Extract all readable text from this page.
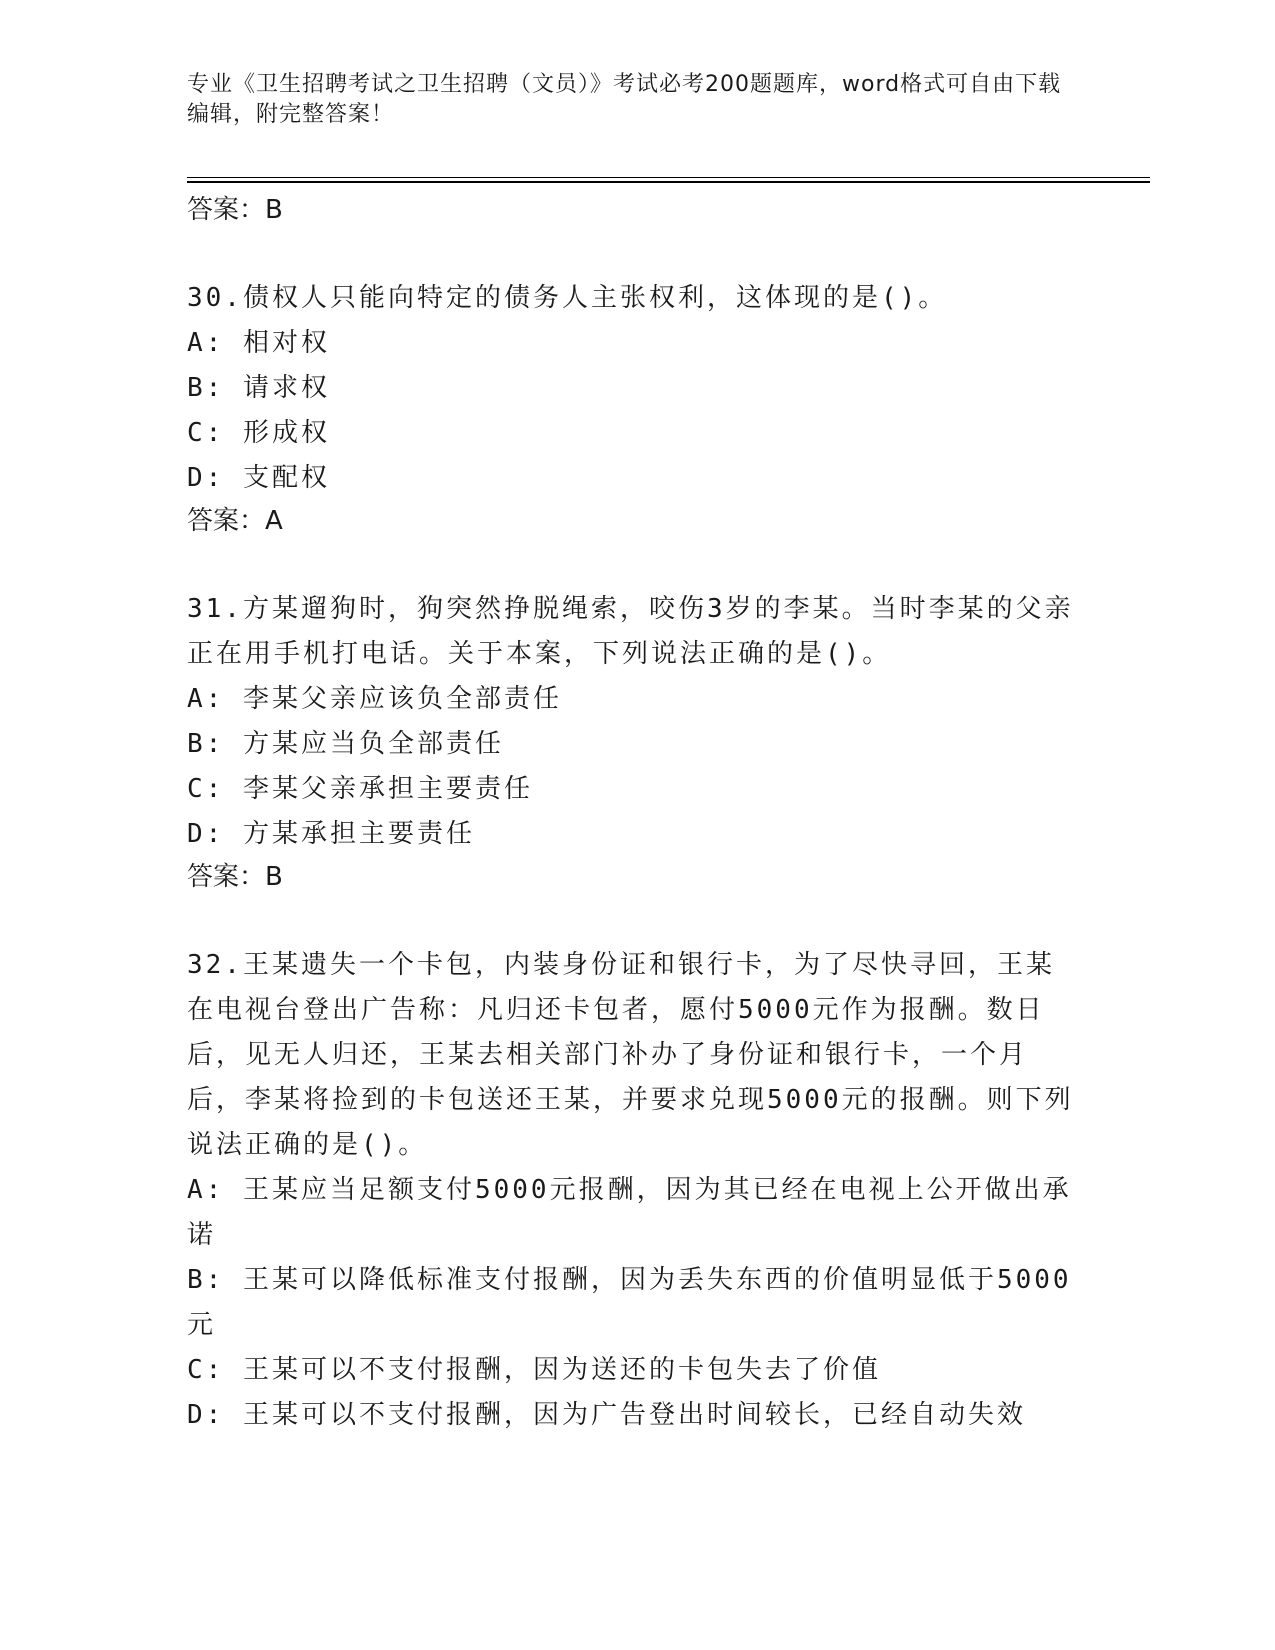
专业《卫生招聘考试之卫生招聘（文员）》考试必考200题题库，word格式可自由下载编辑，附完整答案！

答案：B

30.债权人只能向特定的债务人主张权利，这体现的是()。

A: 相对权

B: 请求权

C: 形成权

D: 支配权

答案：A

31.方某遛狗时，狗突然挣脱绳索，咬伤3岁的李某。当时李某的父亲正在用手机打电话。关于本案，下列说法正确的是()。

A: 李某父亲应该负全部责任

B: 方某应当负全部责任

C: 李某父亲承担主要责任

D: 方某承担主要责任

答案：B

32.王某遗失一个卡包，内装身份证和银行卡，为了尽快寻回，王某在电视台登出广告称：凡归还卡包者，愿付5000元作为报酬。数日后，见无人归还，王某去相关部门补办了身份证和银行卡，一个月后，李某将捡到的卡包送还王某，并要求兑现5000元的报酬。则下列说法正确的是()。

A: 王某应当足额支付5000元报酬，因为其已经在电视上公开做出承诺

B: 王某可以降低标准支付报酬，因为丢失东西的价值明显低于5000元

C: 王某可以不支付报酬，因为送还的卡包失去了价值

D: 王某可以不支付报酬，因为广告登出时间较长，已经自动失效
